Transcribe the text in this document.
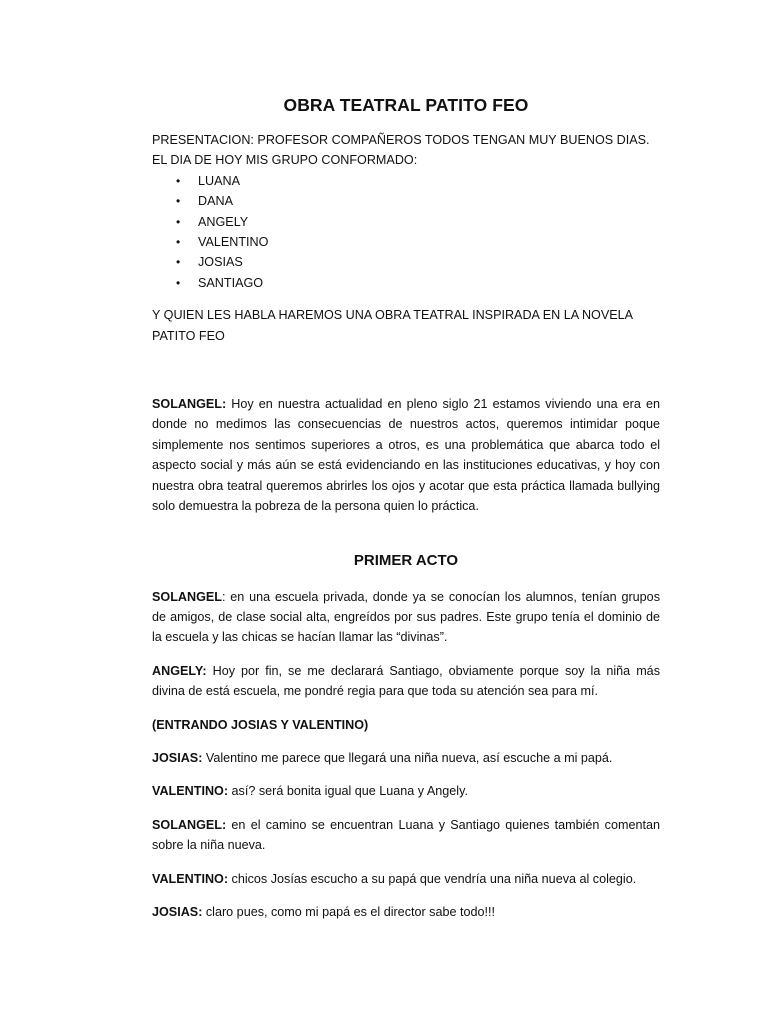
OBRA TEATRAL PATITO FEO

PRESENTACION: PROFESOR COMPAÑEROS TODOS TENGAN MUY BUENOS DIAS. EL DIA DE HOY MIS GRUPO CONFORMADO:

• LUANA
• DANA
• ANGELY
• VALENTINO
• JOSIAS
• SANTIAGO

Y QUIEN LES HABLA HAREMOS UNA OBRA TEATRAL INSPIRADA EN LA NOVELA PATITO FEO

SOLANGEL: Hoy en nuestra actualidad en pleno siglo 21 estamos viviendo una era en donde no medimos las consecuencias de nuestros actos, queremos intimidar poque simplemente nos sentimos superiores a otros, es una problemática que abarca todo el aspecto social y más aún se está evidenciando en las instituciones educativas, y hoy con nuestra obra teatral queremos abrirles los ojos y acotar que esta práctica llamada bullying solo demuestra la pobreza de la persona quien lo práctica.

PRIMER ACTO

SOLANGEL: en una escuela privada, donde ya se conocían los alumnos, tenían grupos de amigos, de clase social alta, engreídos por sus padres. Este grupo tenía el dominio de la escuela y las chicas se hacían llamar las “divinas”.

ANGELY: Hoy por fin, se me declarará Santiago, obviamente porque soy la niña más divina de está escuela, me pondré regia para que toda su atención sea para mí.

(ENTRANDO JOSIAS Y VALENTINO)

JOSIAS: Valentino me parece que llegará una niña nueva, así escuche a mi papá.

VALENTINO: así? será bonita igual que Luana y Angely.

SOLANGEL: en el camino se encuentran Luana y Santiago quienes también comentan sobre la niña nueva.

VALENTINO: chicos Josías escucho a su papá que vendría una niña nueva al colegio.

JOSIAS: claro pues, como mi papá es el director sabe todo!!!
